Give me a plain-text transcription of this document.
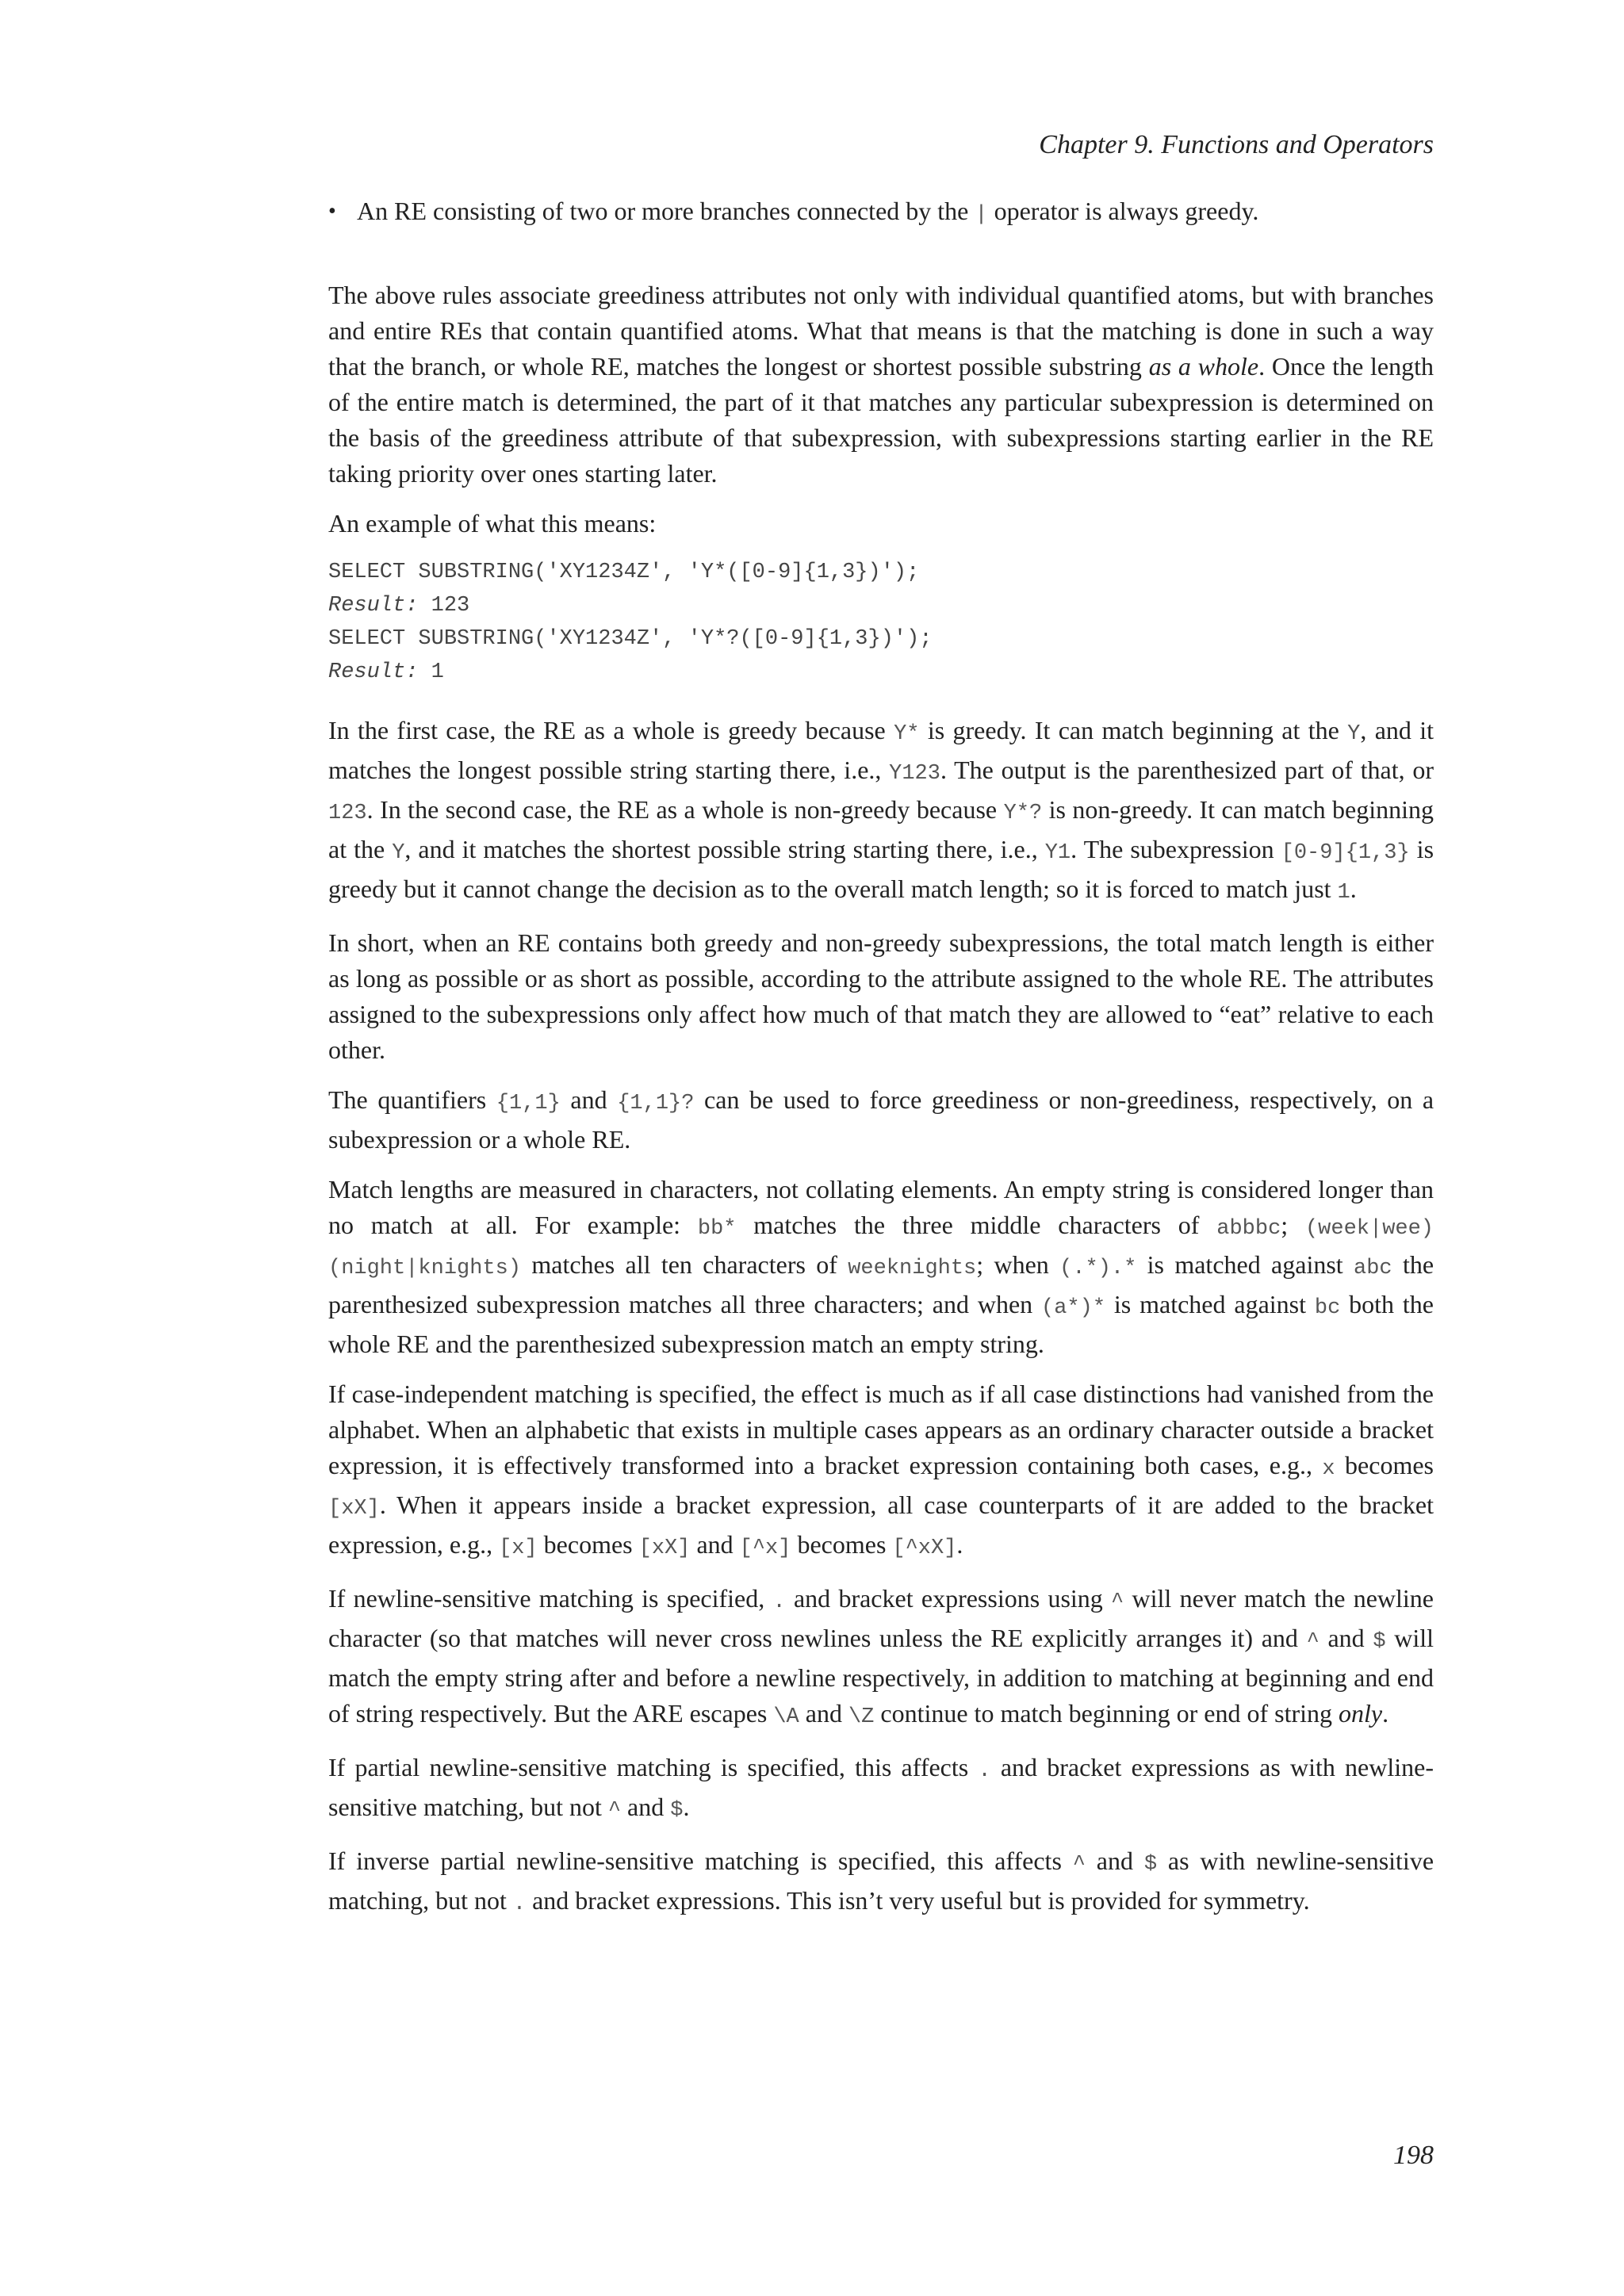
Chapter 9. Functions and Operators
• An RE consisting of two or more branches connected by the | operator is always greedy.

The above rules associate greediness attributes not only with individual quantified atoms, but with branches and entire REs that contain quantified atoms. What that means is that the matching is done in such a way that the branch, or whole RE, matches the longest or shortest possible substring as a whole. Once the length of the entire match is determined, the part of it that matches any particular subexpression is determined on the basis of the greediness attribute of that subexpression, with subexpressions starting earlier in the RE taking priority over ones starting later.

An example of what this means:

SELECT SUBSTRING('XY1234Z', 'Y*([0-9]{1,3})');
Result: 123
SELECT SUBSTRING('XY1234Z', 'Y*?([0-9]{1,3})');
Result: 1

In the first case, the RE as a whole is greedy because Y* is greedy. It can match beginning at the Y, and it matches the longest possible string starting there, i.e., Y123. The output is the parenthesized part of that, or 123. In the second case, the RE as a whole is non-greedy because Y*? is non-greedy. It can match beginning at the Y, and it matches the shortest possible string starting there, i.e., Y1. The subexpression [0-9]{1,3} is greedy but it cannot change the decision as to the overall match length; so it is forced to match just 1.

In short, when an RE contains both greedy and non-greedy subexpressions, the total match length is either as long as possible or as short as possible, according to the attribute assigned to the whole RE. The attributes assigned to the subexpressions only affect how much of that match they are allowed to “eat” relative to each other.

The quantifiers {1,1} and {1,1}? can be used to force greediness or non-greediness, respectively, on a subexpression or a whole RE.

Match lengths are measured in characters, not collating elements. An empty string is considered longer than no match at all. For example: bb* matches the three middle characters of abbbc; (week|wee)(night|knights) matches all ten characters of weeknights; when (.*).* is matched against abc the parenthesized subexpression matches all three characters; and when (a*)* is matched against bc both the whole RE and the parenthesized subexpression match an empty string.

If case-independent matching is specified, the effect is much as if all case distinctions had vanished from the alphabet. When an alphabetic that exists in multiple cases appears as an ordinary character outside a bracket expression, it is effectively transformed into a bracket expression containing both cases, e.g., x becomes [xX]. When it appears inside a bracket expression, all case counterparts of it are added to the bracket expression, e.g., [x] becomes [xX] and [^x] becomes [^xX].

If newline-sensitive matching is specified, . and bracket expressions using ^ will never match the newline character (so that matches will never cross newlines unless the RE explicitly arranges it) and ^ and $ will match the empty string after and before a newline respectively, in addition to matching at beginning and end of string respectively. But the ARE escapes \A and \Z continue to match beginning or end of string only.

If partial newline-sensitive matching is specified, this affects . and bracket expressions as with newline-sensitive matching, but not ^ and $.

If inverse partial newline-sensitive matching is specified, this affects ^ and $ as with newline-sensitive matching, but not . and bracket expressions. This isn’t very useful but is provided for symmetry.

198
